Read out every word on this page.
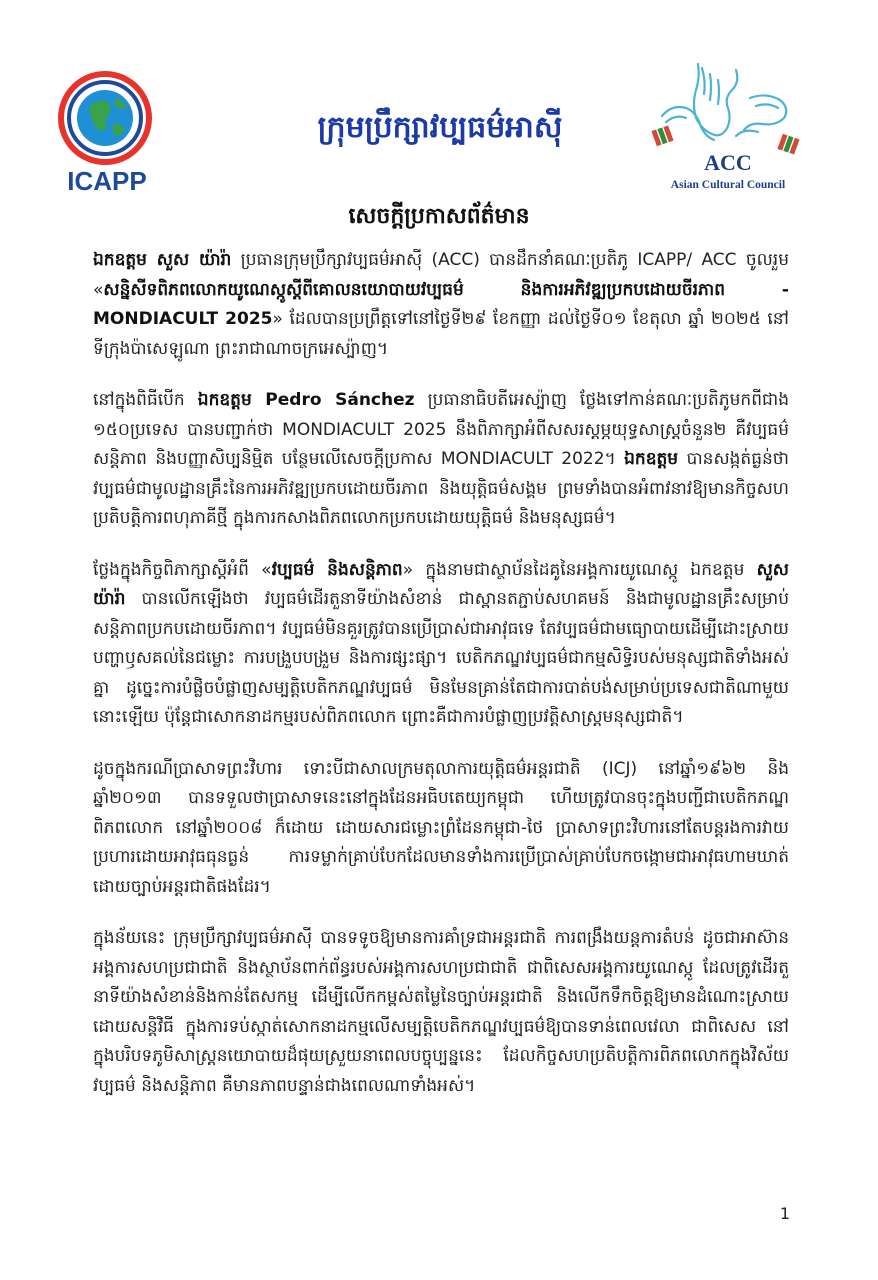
ICAPP
ក្រុមប្រឹក្សាវប្បធម៌អាស៊ី
ACC
Asian Cultural Council
សេចក្តីប្រកាសព័ត៌មាន

ឯកឧត្តម សួស យ៉ារ៉ា ប្រធានក្រុមប្រឹក្សាវប្បធម៌អាស៊ី (ACC) បានដឹកនាំគណៈប្រតិភូ ICAPP/ ACC ចូលរួម «សន្និសីទពិភពលោកយូណេស្កូស្តីពីគោលនយោបាយវប្បធម៌ និងការអភិវឌ្ឍប្រកបដោយចីរភាព - MONDIACULT 2025» ដែលបានប្រព្រឹត្តទៅនៅថ្ងៃទី២៩ ខែកញ្ញា ដល់ថ្ងៃទី០១ ខែតុលា ឆ្នាំ ២០២៥ នៅទីក្រុងប៉ាសេឡូណា ព្រះរាជាណាចក្រអេស្ប៉ាញ។

នៅក្នុងពិធីបើក ឯកឧត្តម Pedro Sánchez ប្រធានាធិបតីអេស្ប៉ាញ ថ្លែងទៅកាន់គណៈប្រតិភូមកពីជាង ១៥០ប្រទេស បានបញ្ជាក់ថា MONDIACULT 2025 នឹងពិភាក្សាអំពីសសរស្តម្ភយុទ្ធសាស្ត្រចំនួន២ គឺវប្បធម៌សន្តិភាព និងបញ្ញាសិប្បនិម្មិត បន្ថែមលើសេចក្តីប្រកាស MONDIACULT 2022។ ឯកឧត្តម បានសង្កត់ធ្ងន់ថា វប្បធម៌ជាមូលដ្ឋានគ្រឹះនៃការអភិវឌ្ឍប្រកបដោយចីរភាព និងយុត្តិធម៌សង្គម ព្រមទាំងបានអំពាវនាវឱ្យមានកិច្ចសហប្រតិបត្តិការពហុភាគីថ្មី ក្នុងការកសាងពិភពលោកប្រកបដោយយុត្តិធម៌ និងមនុស្សធម៌។

ថ្លែងក្នុងកិច្ចពិភាក្សាស្តីអំពី «វប្បធម៌ និងសន្តិភាព» ក្នុងនាមជាស្ថាប័នដៃគូនៃអង្គការយូណេស្កូ ឯកឧត្តម សួស យ៉ារ៉ា បានលើកឡើងថា វប្បធម៌ដើរតួនាទីយ៉ាងសំខាន់ ជាស្ពានតភ្ជាប់សហគមន៍ និងជាមូលដ្ឋានគ្រឹះសម្រាប់សន្តិភាពប្រកបដោយចីរភាព។ វប្បធម៌មិនគួរត្រូវបានប្រើប្រាស់ជាអាវុធទេ តែវប្បធម៌ជាមធ្យោបាយដើម្បីដោះស្រាយបញ្ហាឫសគល់នៃជម្លោះ ការបង្រួបបង្រួម និងការផ្សះផ្សា។ បេតិកភណ្ឌវប្បធម៌ជាកម្មសិទ្ធិរបស់មនុស្សជាតិទាំងអស់គ្នា ដូច្នេះការបំផ្លិចបំផ្លាញសម្បត្តិបេតិកភណ្ឌវប្បធម៌ មិនមែនគ្រាន់តែជាការបាត់បង់សម្រាប់ប្រទេសជាតិណាមួយនោះឡើយ ប៉ុន្តែជាសោកនាដកម្មរបស់ពិភពលោក ព្រោះគឺជាការបំផ្លាញប្រវត្តិសាស្ត្រមនុស្សជាតិ។

ដូចក្នុងករណីប្រាសាទព្រះវិហារ ទោះបីជាសាលក្រមតុលាការយុត្តិធម៌អន្តរជាតិ (ICJ) នៅឆ្នាំ១៩៦២ និងឆ្នាំ២០១៣ បានទទួលថាប្រាសាទនេះនៅក្នុងដែនអធិបតេយ្យកម្ពុជា ហើយត្រូវបានចុះក្នុងបញ្ជីជាបេតិកភណ្ឌពិភពលោក នៅឆ្នាំ២០០៨ ក៏ដោយ ដោយសារជម្លោះព្រំដែនកម្ពុជា-ថៃ ប្រាសាទព្រះវិហារនៅតែបន្តរងការវាយប្រហារដោយអាវុធធុនធ្ងន់ ការទម្លាក់គ្រាប់បែកដែលមានទាំងការប្រើប្រាស់គ្រាប់បែកចង្កោមជាអាវុធហាមឃាត់ដោយច្បាប់អន្តរជាតិផងដែរ។

ក្នុងន័យនេះ ក្រុមប្រឹក្សាវប្បធម៌អាស៊ី បានទទូចឱ្យមានការគាំទ្រជាអន្តរជាតិ ការពង្រឹងយន្តការតំបន់ ដូចជាអាស៊ាន អង្គការសហប្រជាជាតិ និងស្ថាប័នពាក់ព័ន្ធរបស់អង្គការសហប្រជាជាតិ ជាពិសេសអង្គការយូណេស្កូ ដែលត្រូវដើរតួនាទីយ៉ាងសំខាន់និងកាន់តែសកម្ម ដើម្បីលើកកម្ពស់តម្លៃនៃច្បាប់អន្តរជាតិ និងលើកទឹកចិត្តឱ្យមានដំណោះស្រាយដោយសន្តិវិធី ក្នុងការទប់ស្កាត់សោកនាដកម្មលើសម្បត្តិបេតិកភណ្ឌវប្បធម៌ឱ្យបានទាន់ពេលវេលា ជាពិសេស នៅក្នុងបរិបទភូមិសាស្ត្រនយោបាយដ៏ផុយស្រួយនាពេលបច្ចុប្បន្ននេះ ដែលកិច្ចសហប្រតិបត្តិការពិភពលោកក្នុងវិស័យវប្បធម៌ និងសន្តិភាព គឺមានភាពបន្ទាន់ជាងពេលណាទាំងអស់។

1
